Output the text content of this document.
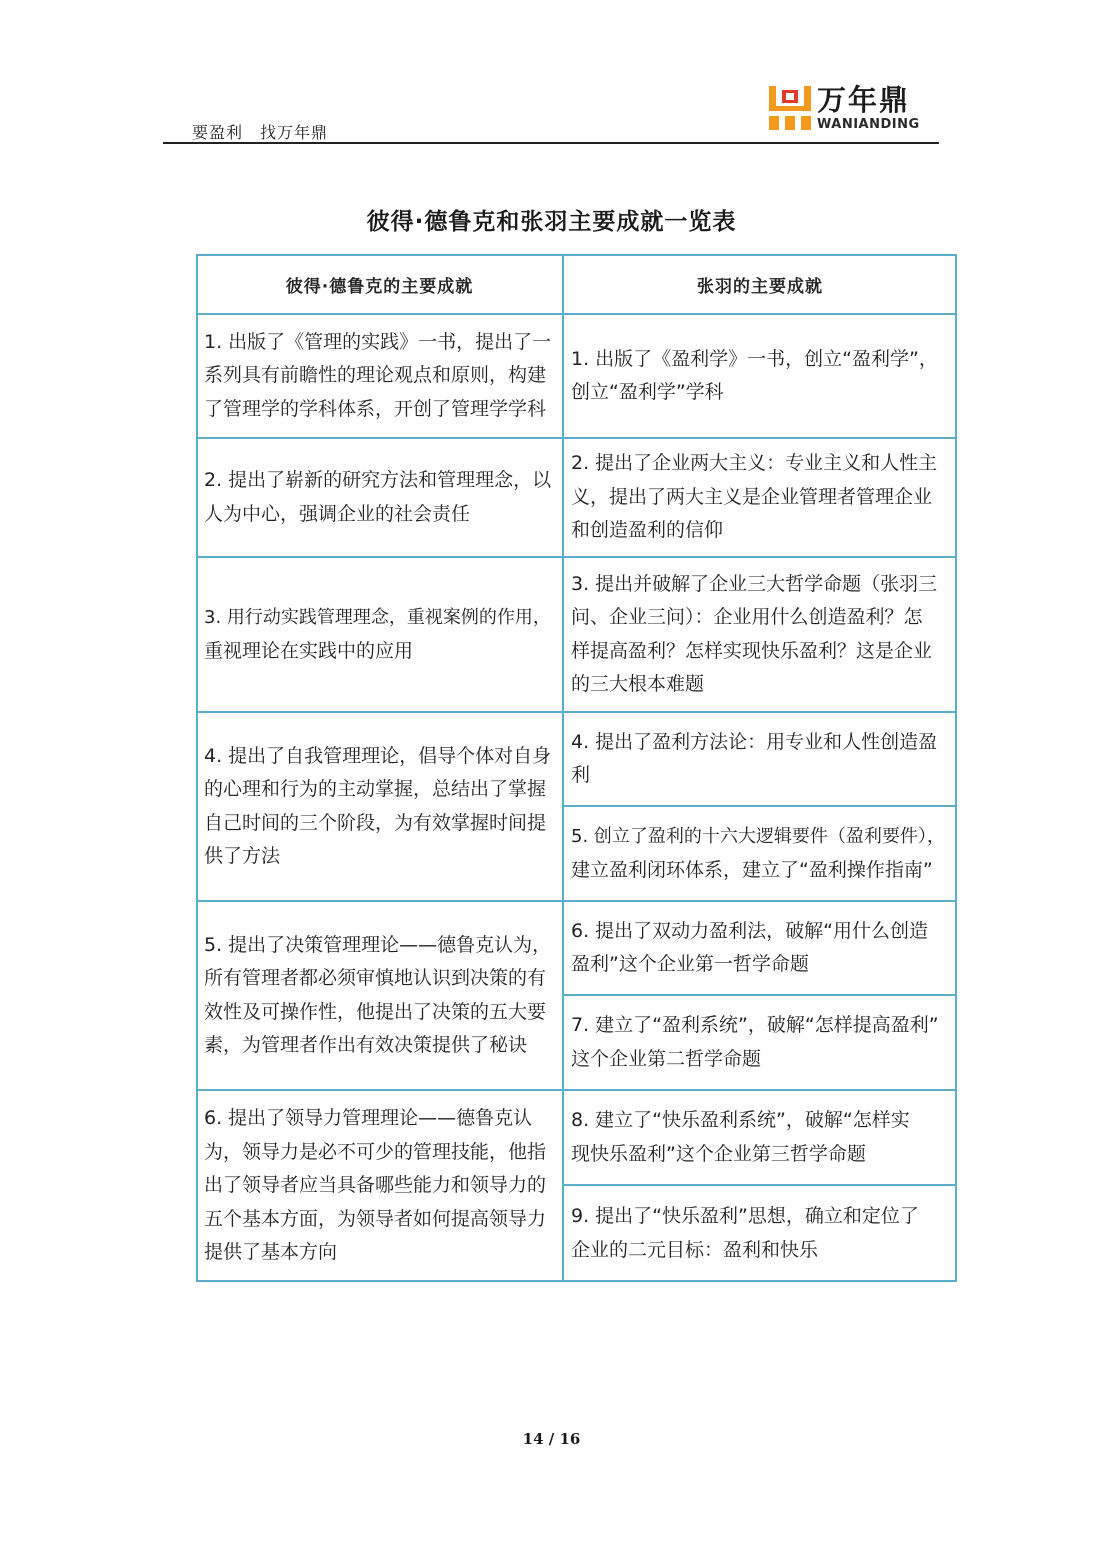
要盈利　找万年鼎
万年鼎
WANIANDING
彼得·德鲁克和张羽主要成就一览表
彼得·德鲁克的主要成就	张羽的主要成就
1. 出版了《管理的实践》一书，提出了一
系列具有前瞻性的理论观点和原则，构建
了管理学的学科体系，开创了管理学学科
2. 提出了崭新的研究方法和管理理念，以
人为中心，强调企业的社会责任
3. 用行动实践管理理念，重视案例的作用，
重视理论在实践中的应用
4. 提出了自我管理理论，倡导个体对自身
的心理和行为的主动掌握，总结出了掌握
自己时间的三个阶段，为有效掌握时间提
供了方法
5. 提出了决策管理理论——德鲁克认为，
所有管理者都必须审慎地认识到决策的有
效性及可操作性，他提出了决策的五大要
素，为管理者作出有效决策提供了秘诀
6. 提出了领导力管理理论——德鲁克认
为，领导力是必不可少的管理技能，他指
出了领导者应当具备哪些能力和领导力的
五个基本方面，为领导者如何提高领导力
提供了基本方向
1. 出版了《盈利学》一书，创立“盈利学”，
创立“盈利学”学科
2. 提出了企业两大主义：专业主义和人性主
义，提出了两大主义是企业管理者管理企业
和创造盈利的信仰
3. 提出并破解了企业三大哲学命题（张羽三
问、企业三问）：企业用什么创造盈利？怎
样提高盈利？怎样实现快乐盈利？这是企业
的三大根本难题
4. 提出了盈利方法论：用专业和人性创造盈
利
5. 创立了盈利的十六大逻辑要件（盈利要件），
建立盈利闭环体系，建立了“盈利操作指南”
6. 提出了双动力盈利法，破解“用什么创造
盈利”这个企业第一哲学命题
7. 建立了“盈利系统”，破解“怎样提高盈利”
这个企业第二哲学命题
8. 建立了“快乐盈利系统”，破解“怎样实
现快乐盈利”这个企业第三哲学命题
9. 提出了“快乐盈利”思想，确立和定位了
企业的二元目标：盈利和快乐
14 / 16
